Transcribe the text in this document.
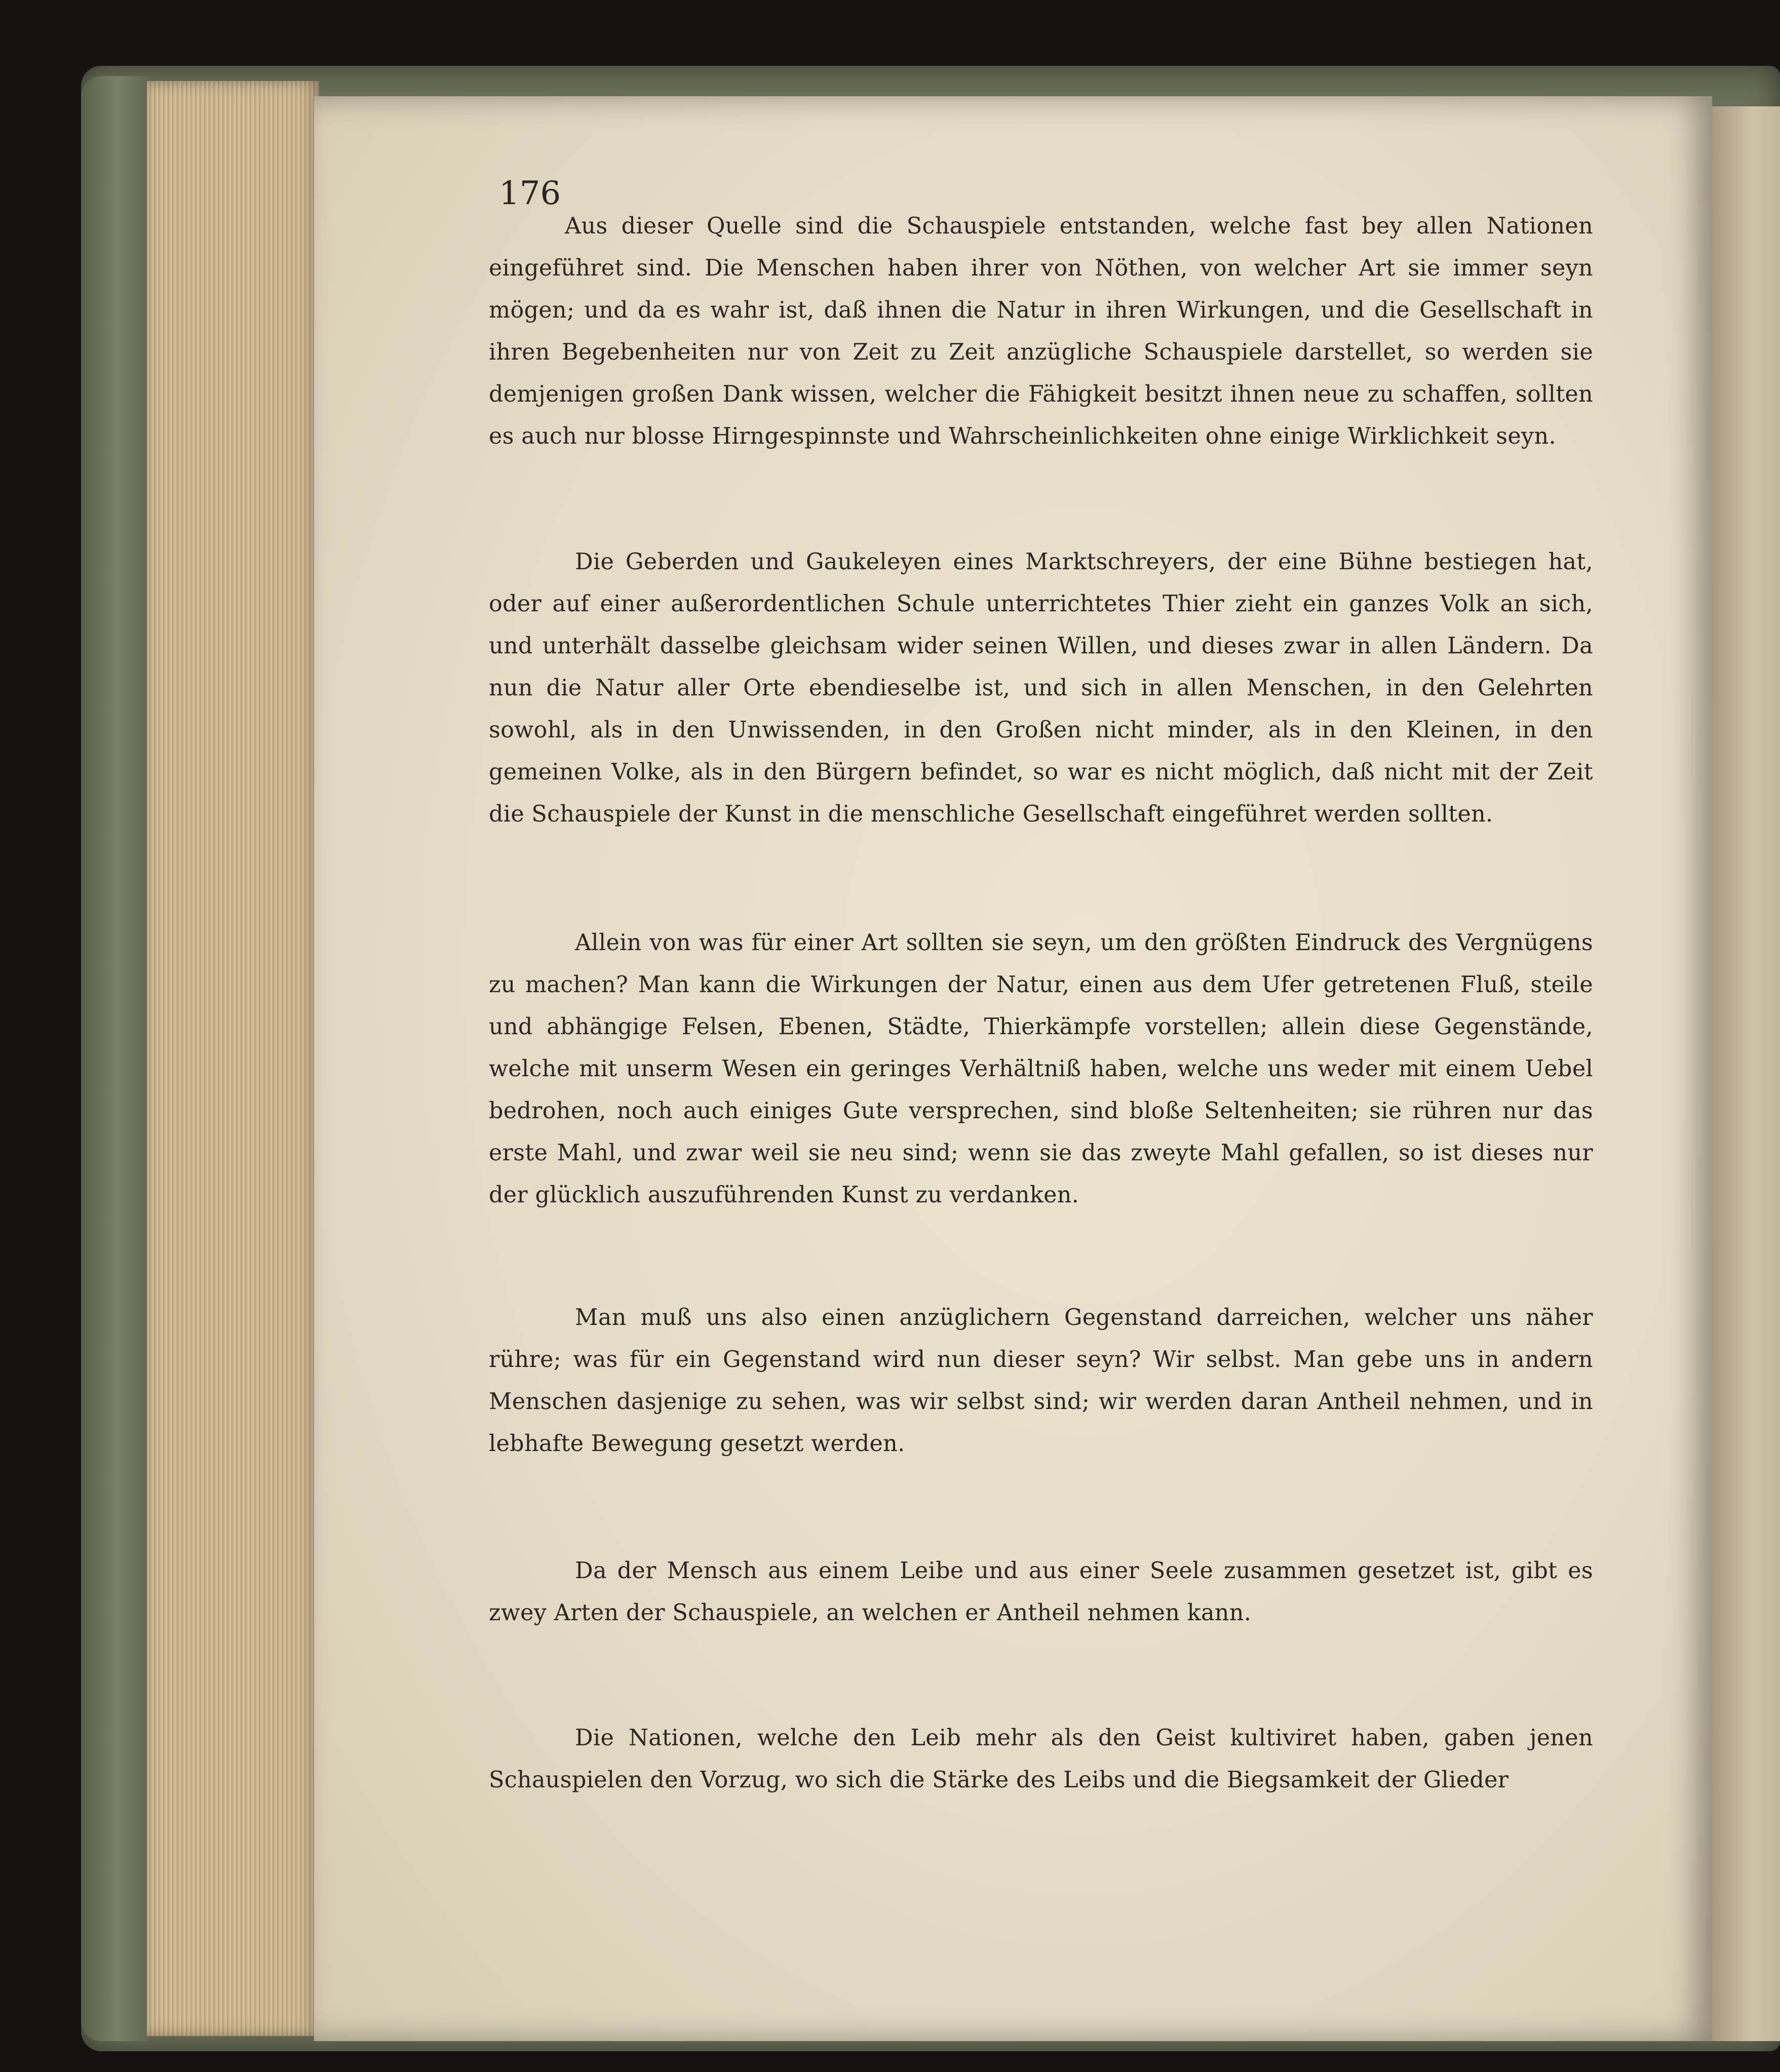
176

Aus dieser Quelle sind die Schauspiele entstanden, welche fast bey allen Nationen eingeführet sind. Die Menschen haben ihrer von Nöthen, von welcher Art sie immer seyn mögen; und da es wahr ist, daß ihnen die Natur in ihren Wirkungen, und die Gesellschaft in ihren Begebenheiten nur von Zeit zu Zeit anzügliche Schauspiele darstellet, so werden sie demjenigen großen Dank wissen, welcher die Fähigkeit besitzt ihnen neue zu schaffen, sollten es auch nur blosse Hirngespinnste und Wahrscheinlichkeiten ohne einige Wirklichkeit seyn.

Die Geberden und Gaukeleyen eines Marktschreyers, der eine Bühne bestiegen hat, oder auf einer außerordentlichen Schule unterrichtetes Thier zieht ein ganzes Volk an sich, und unterhält dasselbe gleichsam wider seinen Willen, und dieses zwar in allen Ländern. Da nun die Natur aller Orte ebendieselbe ist, und sich in allen Menschen, in den Gelehrten sowohl, als in den Unwissenden, in den Großen nicht minder, als in den Kleinen, in den gemeinen Volke, als in den Bürgern befindet, so war es nicht möglich, daß nicht mit der Zeit die Schauspiele der Kunst in die menschliche Gesellschaft eingeführet werden sollten.

Allein von was für einer Art sollten sie seyn, um den größten Eindruck des Vergnügens zu machen? Man kann die Wirkungen der Natur, einen aus dem Ufer getretenen Fluß, steile und abhängige Felsen, Ebenen, Städte, Thierkämpfe vorstellen; allein diese Gegenstände, welche mit unserm Wesen ein geringes Verhältniß haben, welche uns weder mit einem Uebel bedrohen, noch auch einiges Gute versprechen, sind bloße Seltenheiten; sie rühren nur das erste Mahl, und zwar weil sie neu sind; wenn sie das zweyte Mahl gefallen, so ist dieses nur der glücklich auszuführenden Kunst zu verdanken.

Man muß uns also einen anzüglichern Gegenstand darreichen, welcher uns näher rühre; was für ein Gegenstand wird nun dieser seyn? Wir selbst. Man gebe uns in andern Menschen dasjenige zu sehen, was wir selbst sind; wir werden daran Antheil nehmen, und in lebhafte Bewegung gesetzt werden.

Da der Mensch aus einem Leibe und aus einer Seele zusammen gesetzet ist, gibt es zwey Arten der Schauspiele, an welchen er Antheil nehmen kann.

Die Nationen, welche den Leib mehr als den Geist kultiviret haben, gaben jenen Schauspielen den Vorzug, wo sich die Stärke des Leibs und die Biegsamkeit der Glieder
